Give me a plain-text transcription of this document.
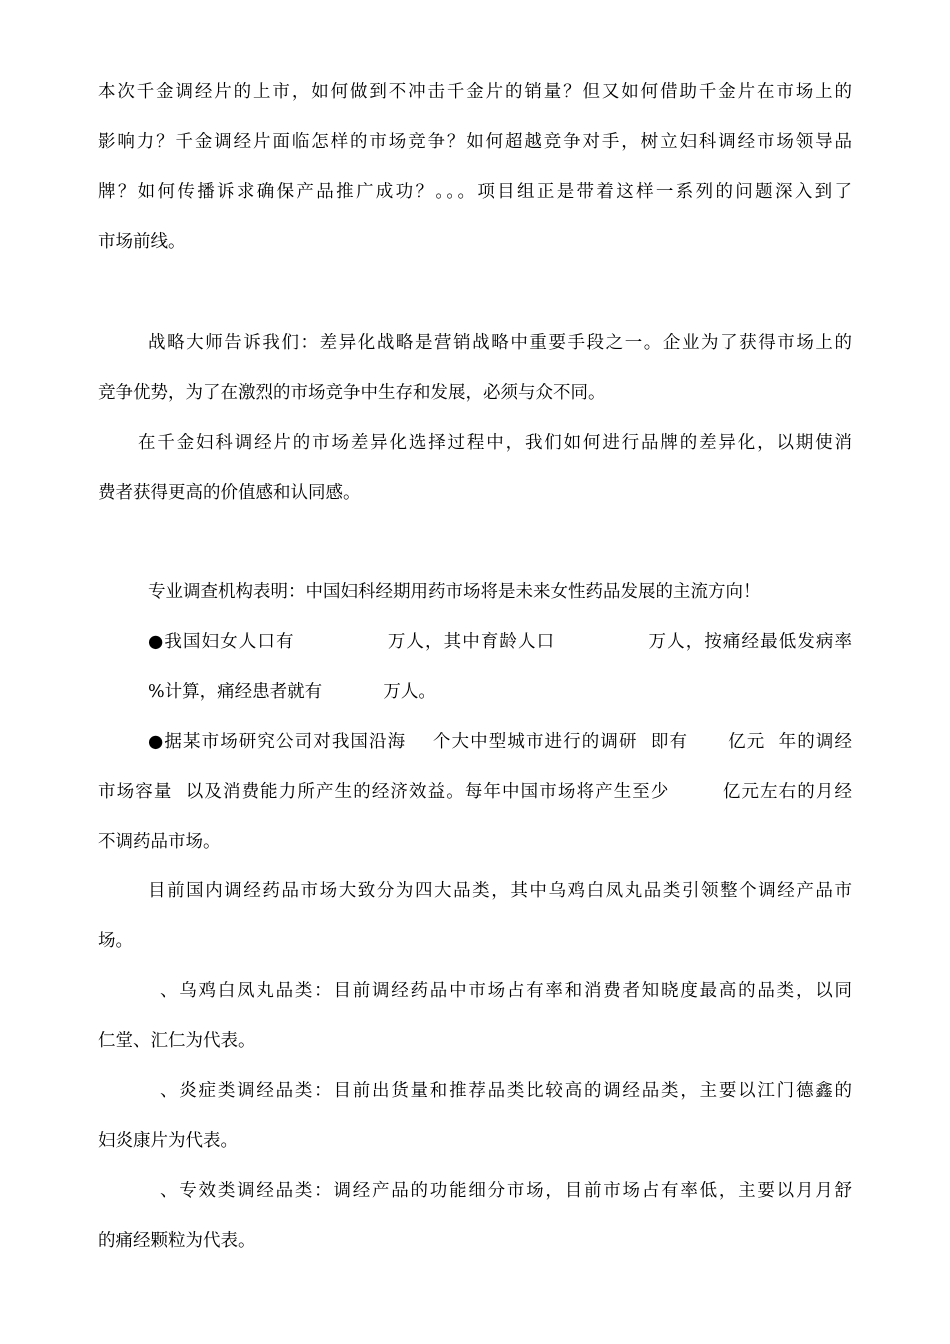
本次千金调经片的上市，如何做到不冲击千金片的销量？但又如何借助千金片在市场上的

影响力？千金调经片面临怎样的市场竞争？如何超越竞争对手，树立妇科调经市场领导品

牌？如何传播诉求确保产品推广成功？。。。项目组正是带着这样一系列的问题深入到了

市场前线。

战略大师告诉我们：差异化战略是营销战略中重要手段之一。企业为了获得市场上的

竞争优势，为了在激烈的市场竞争中生存和发展，必须与众不同。

在千金妇科调经片的市场差异化选择过程中，我们如何进行品牌的差异化，以期使消

费者获得更高的价值感和认同感。

专业调查机构表明：中国妇科经期用药市场将是未来女性药品发展的主流方向！

●我国妇女人口有              万人，其中育龄人口              万人，按痛经最低发病率

%计算，痛经患者就有           万人。

●据某市场研究公司对我国沿海    个大中型城市进行的调研  即有      亿元  年的调经

市场容量  以及消费能力所产生的经济效益。每年中国市场将产生至少        亿元左右的月经

不调药品市场。

目前国内调经药品市场大致分为四大品类，其中乌鸡白凤丸品类引领整个调经产品市

场。

、乌鸡白凤丸品类：目前调经药品中市场占有率和消费者知晓度最高的品类，以同

仁堂、汇仁为代表。

、炎症类调经品类：目前出货量和推荐品类比较高的调经品类，主要以江门德鑫的

妇炎康片为代表。

、专效类调经品类：调经产品的功能细分市场，目前市场占有率低，主要以月月舒

的痛经颗粒为代表。
